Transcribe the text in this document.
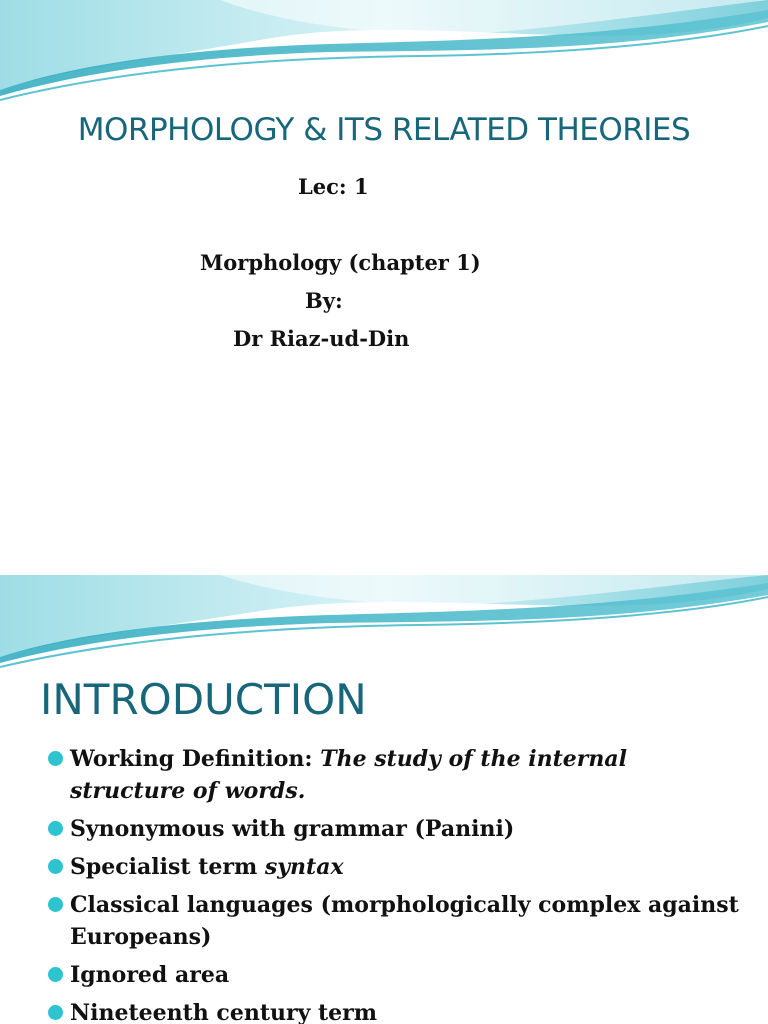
MORPHOLOGY & ITS RELATED THEORIES

Lec: 1

Morphology (chapter 1)

By:

Dr Riaz-ud-Din

INTRODUCTION
Working Definition: The study of the internal structure of words.
Synonymous with grammar (Panini)
Specialist term syntax
Classical languages (morphologically complex against Europeans)
Ignored area
Nineteenth century term
